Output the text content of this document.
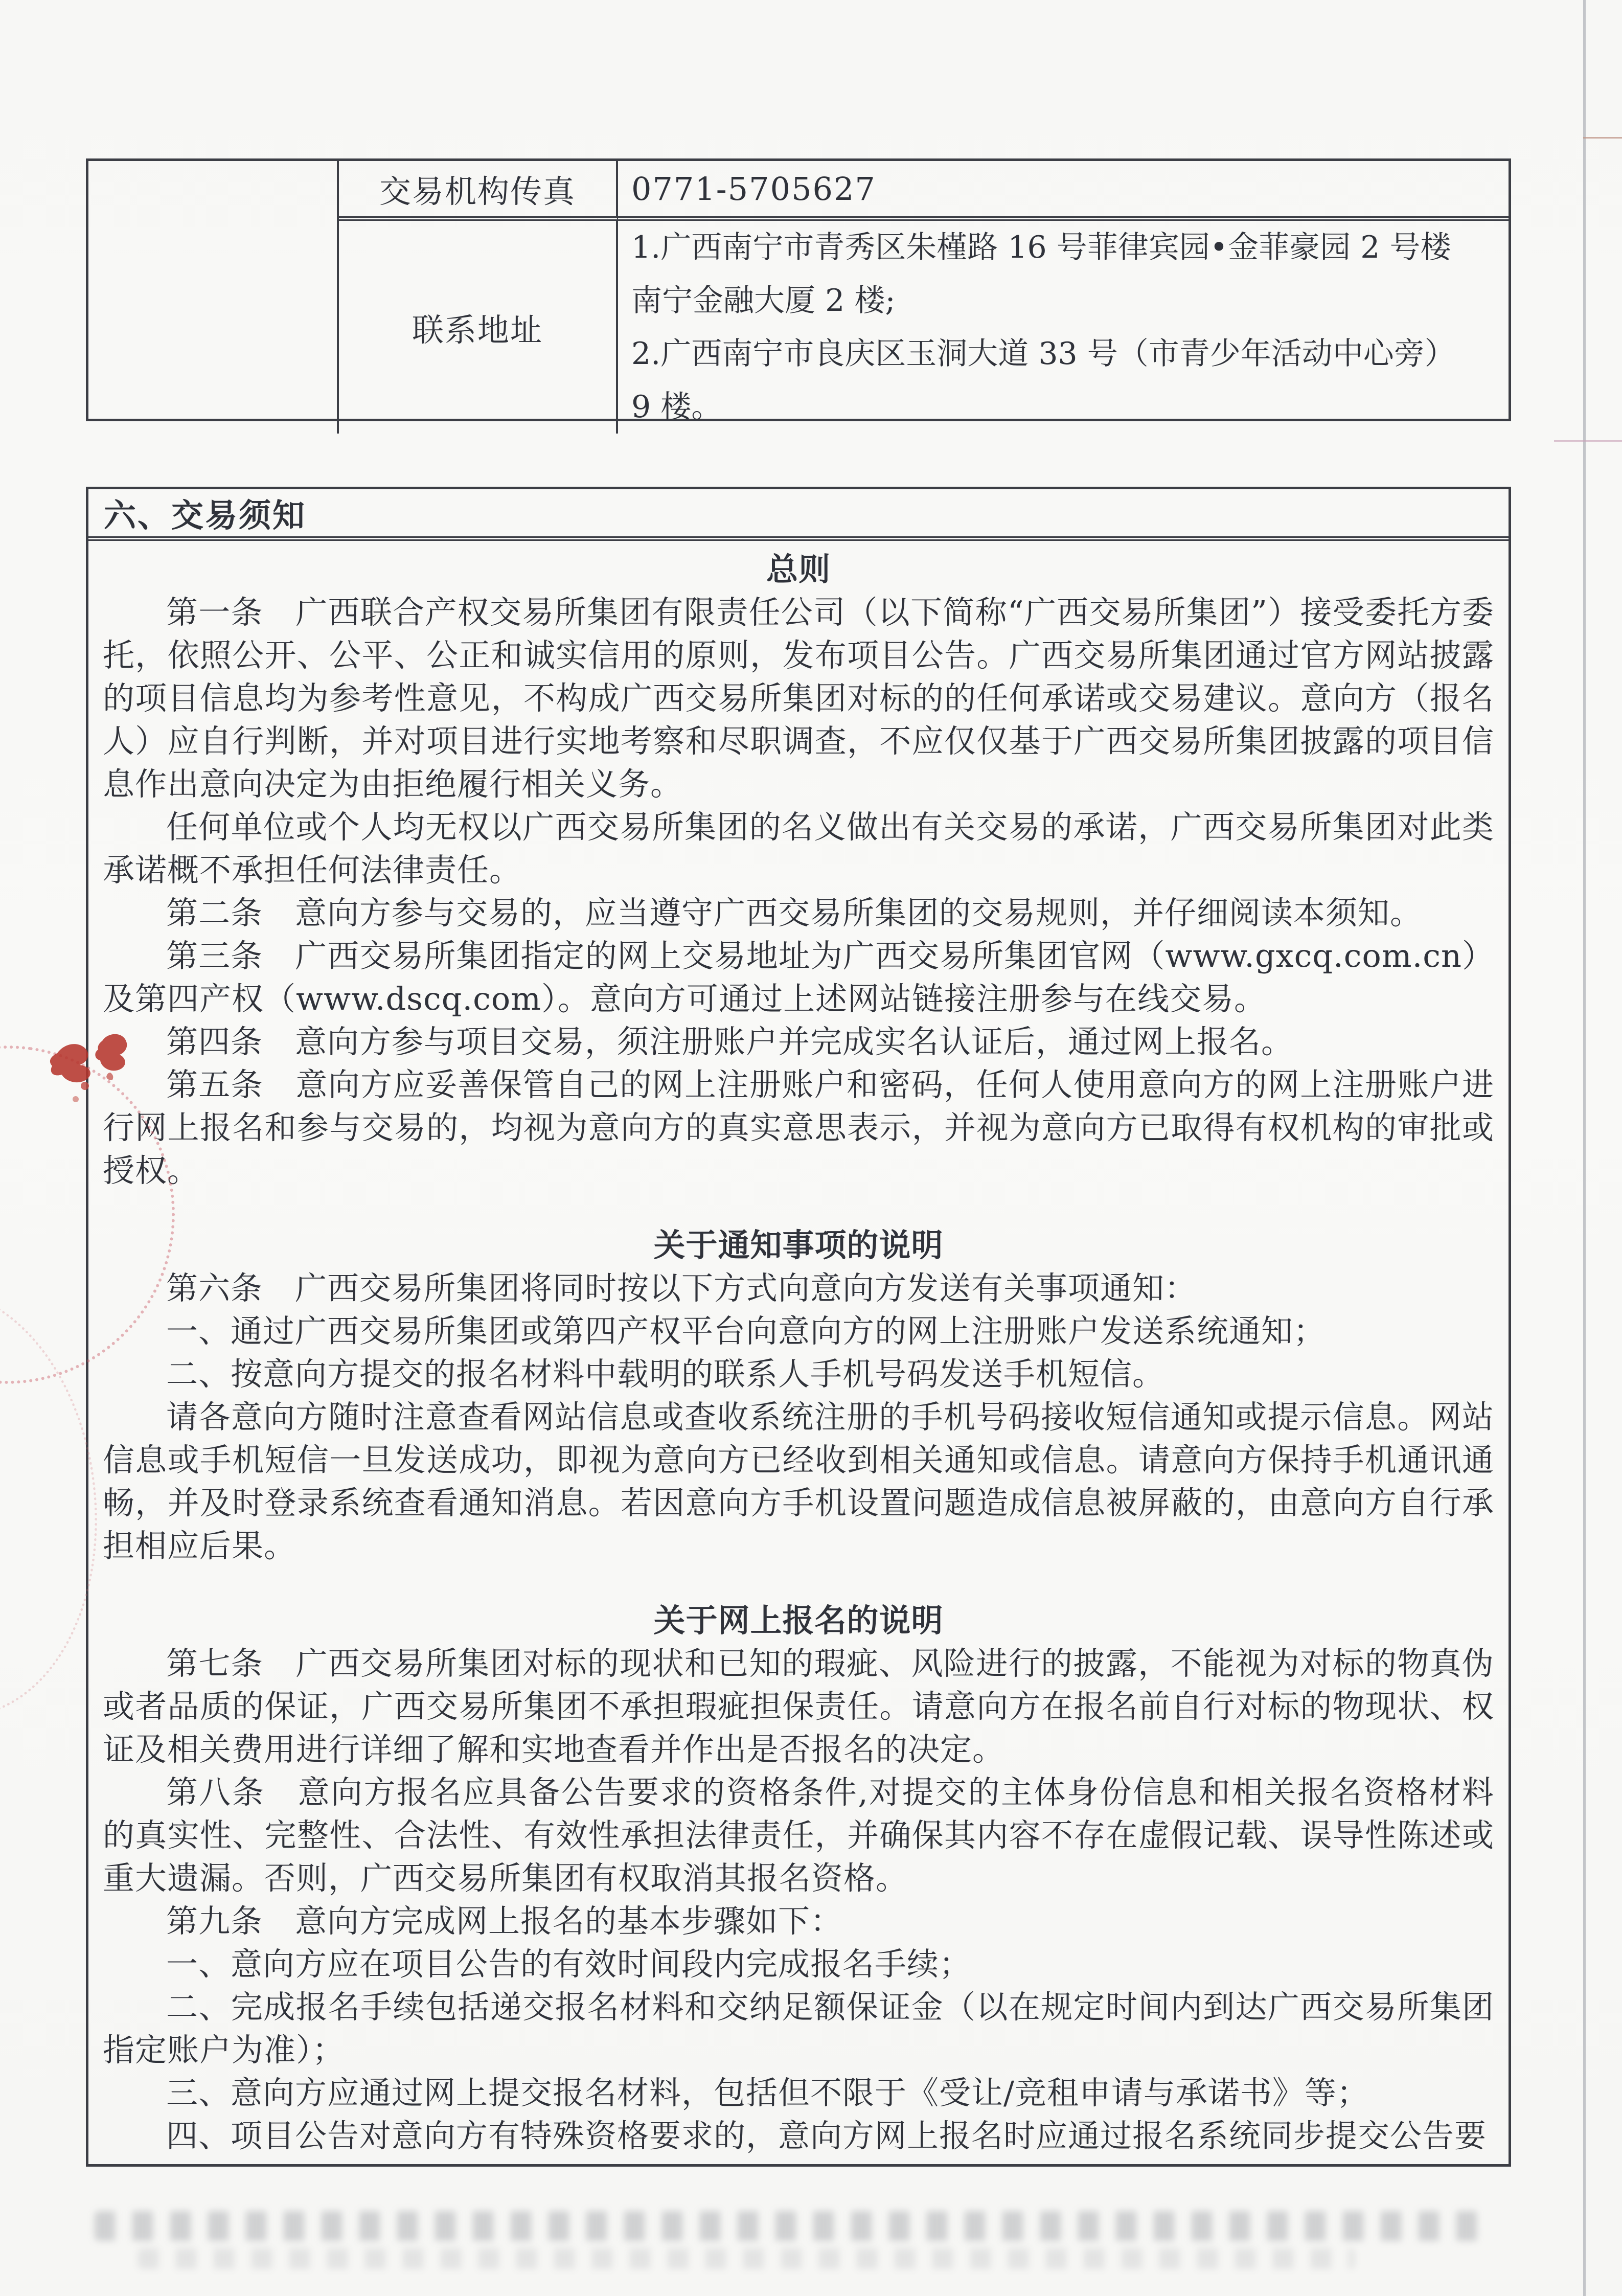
交易机构传真	0771-5705627
联系地址
1.广西南宁市青秀区朱槿路 16 号菲律宾园•金菲豪园 2 号楼
南宁金融大厦 2 楼;
2.广西南宁市良庆区玉洞大道 33 号（市青少年活动中心旁）
9 楼。
六、交易须知

总则

第一条　广西联合产权交易所集团有限责任公司（以下简称“广西交易所集团”）接受委托方委托，依照公开、公平、公正和诚实信用的原则，发布项目公告。广西交易所集团通过官方网站披露的项目信息均为参考性意见，不构成广西交易所集团对标的的任何承诺或交易建议。意向方（报名人）应自行判断，并对项目进行实地考察和尽职调查，不应仅仅基于广西交易所集团披露的项目信息作出意向决定为由拒绝履行相关义务。

任何单位或个人均无权以广西交易所集团的名义做出有关交易的承诺，广西交易所集团对此类承诺概不承担任何法律责任。

第二条　意向方参与交易的，应当遵守广西交易所集团的交易规则，并仔细阅读本须知。

第三条　广西交易所集团指定的网上交易地址为广西交易所集团官网（www.gxcq.com.cn）及第四产权（www.dscq.com）。意向方可通过上述网站链接注册参与在线交易。

第四条　意向方参与项目交易，须注册账户并完成实名认证后，通过网上报名。

第五条　意向方应妥善保管自己的网上注册账户和密码，任何人使用意向方的网上注册账户进行网上报名和参与交易的，均视为意向方的真实意思表示，并视为意向方已取得有权机构的审批或授权。

关于通知事项的说明

第六条　广西交易所集团将同时按以下方式向意向方发送有关事项通知：

一、通过广西交易所集团或第四产权平台向意向方的网上注册账户发送系统通知；

二、按意向方提交的报名材料中载明的联系人手机号码发送手机短信。

请各意向方随时注意查看网站信息或查收系统注册的手机号码接收短信通知或提示信息。网站信息或手机短信一旦发送成功，即视为意向方已经收到相关通知或信息。请意向方保持手机通讯通畅，并及时登录系统查看通知消息。若因意向方手机设置问题造成信息被屏蔽的，由意向方自行承担相应后果。

关于网上报名的说明

第七条　广西交易所集团对标的现状和已知的瑕疵、风险进行的披露，不能视为对标的物真伪或者品质的保证，广西交易所集团不承担瑕疵担保责任。请意向方在报名前自行对标的物现状、权证及相关费用进行详细了解和实地查看并作出是否报名的决定。

第八条　意向方报名应具备公告要求的资格条件,对提交的主体身份信息和相关报名资格材料的真实性、完整性、合法性、有效性承担法律责任，并确保其内容不存在虚假记载、误导性陈述或重大遗漏。否则，广西交易所集团有权取消其报名资格。

第九条　意向方完成网上报名的基本步骤如下：

一、意向方应在项目公告的有效时间段内完成报名手续；

二、完成报名手续包括递交报名材料和交纳足额保证金（以在规定时间内到达广西交易所集团指定账户为准）；

三、意向方应通过网上提交报名材料，包括但不限于《受让/竞租申请与承诺书》等；

四、项目公告对意向方有特殊资格要求的，意向方网上报名时应通过报名系统同步提交公告要
